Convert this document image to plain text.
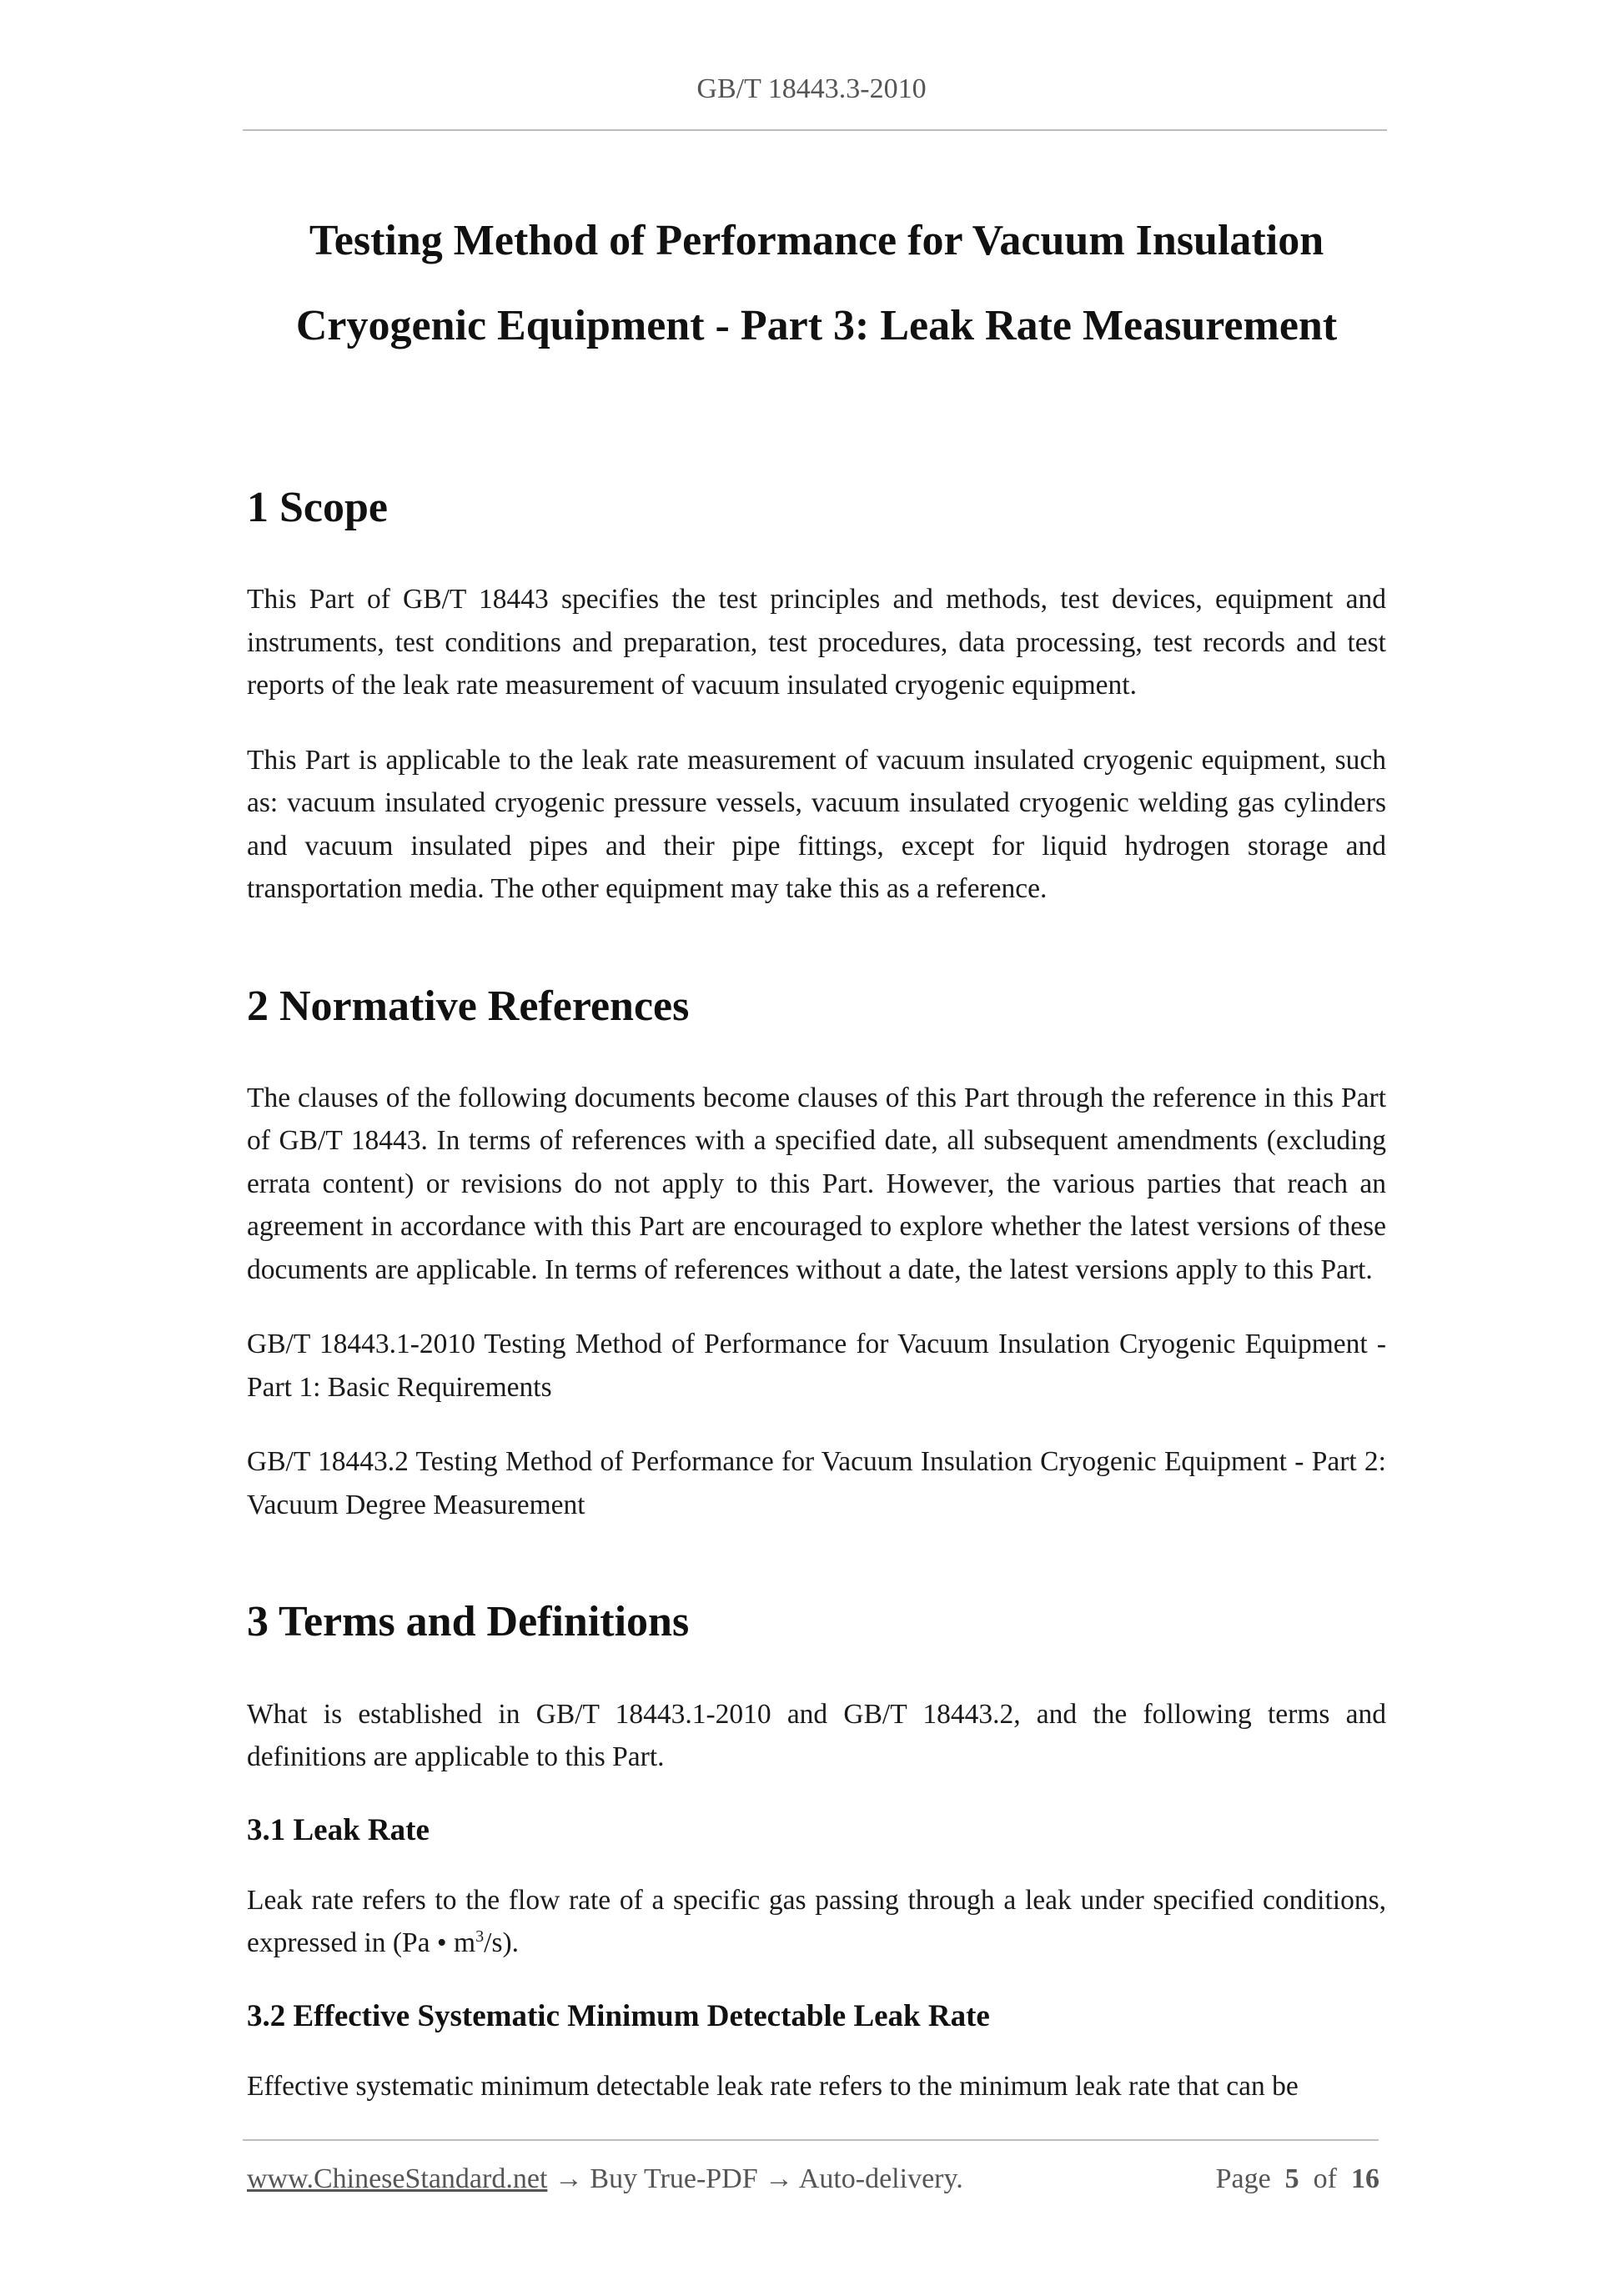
GB/T 18443.3-2010
Testing Method of Performance for Vacuum Insulation
Cryogenic Equipment - Part 3: Leak Rate Measurement
1 Scope

This Part of GB/T 18443 specifies the test principles and methods, test devices, equipment and instruments, test conditions and preparation, test procedures, data processing, test records and test reports of the leak rate measurement of vacuum insulated cryogenic equipment.

This Part is applicable to the leak rate measurement of vacuum insulated cryogenic equipment, such as: vacuum insulated cryogenic pressure vessels, vacuum insulated cryogenic welding gas cylinders and vacuum insulated pipes and their pipe fittings, except for liquid hydrogen storage and transportation media. The other equipment may take this as a reference.

2 Normative References

The clauses of the following documents become clauses of this Part through the reference in this Part of GB/T 18443. In terms of references with a specified date, all subsequent amendments (excluding errata content) or revisions do not apply to this Part. However, the various parties that reach an agreement in accordance with this Part are encouraged to explore whether the latest versions of these documents are applicable. In terms of references without a date, the latest versions apply to this Part.

GB/T 18443.1-2010 Testing Method of Performance for Vacuum Insulation Cryogenic Equipment - Part 1: Basic Requirements

GB/T 18443.2 Testing Method of Performance for Vacuum Insulation Cryogenic Equipment - Part 2: Vacuum Degree Measurement

3 Terms and Definitions

What is established in GB/T 18443.1-2010 and GB/T 18443.2, and the following terms and definitions are applicable to this Part.

3.1 Leak Rate

Leak rate refers to the flow rate of a specific gas passing through a leak under specified conditions, expressed in (Pa • $m^3/s$).

3.2 Effective Systematic Minimum Detectable Leak Rate

Effective systematic minimum detectable leak rate refers to the minimum leak rate that can be

www.ChineseStandard.net → Buy True-PDF → Auto-delivery.	Page 5 of 16
